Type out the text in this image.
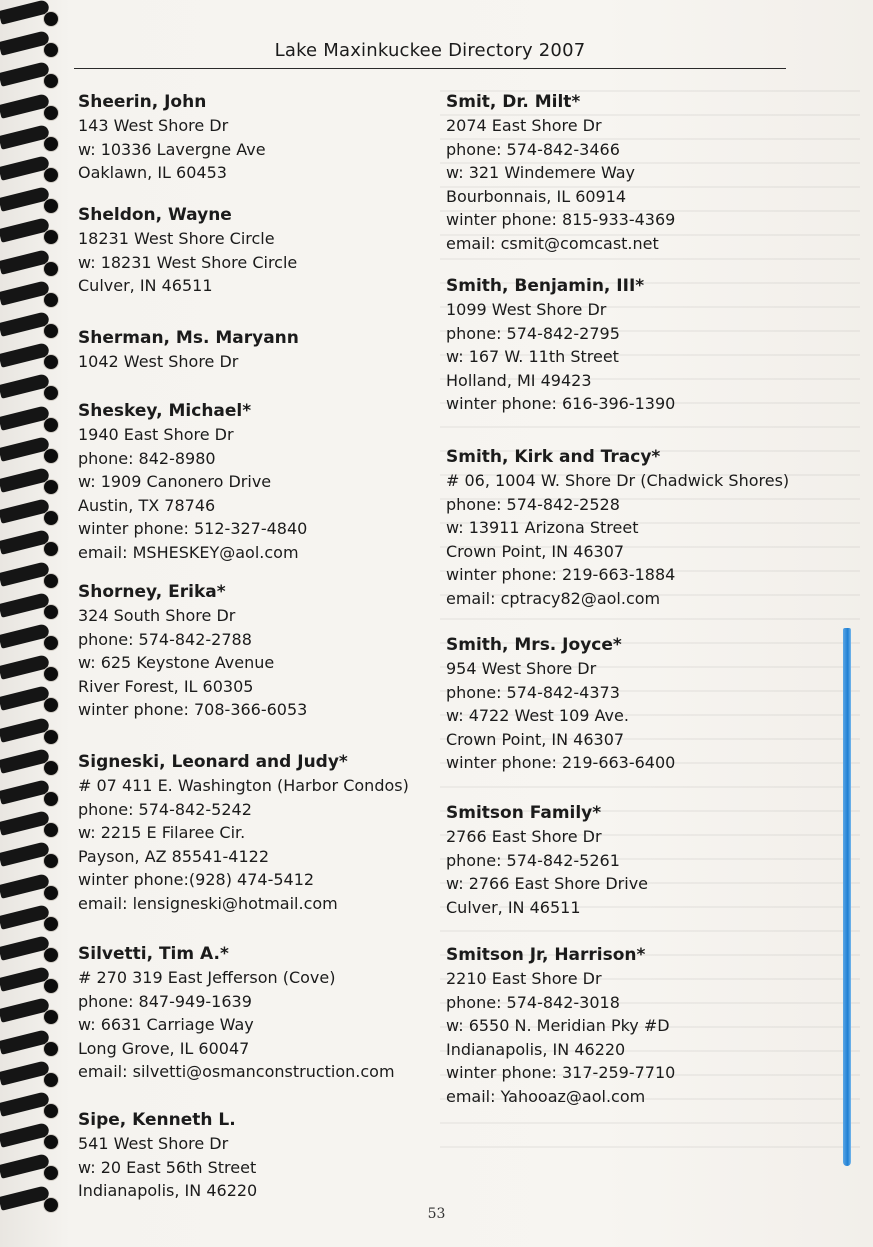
Lake Maxinkuckee Directory 2007
Sheerin, John
143 West Shore Dr
w: 10336 Lavergne Ave
Oaklawn, IL 60453
Sheldon, Wayne
18231 West Shore Circle
w: 18231 West Shore Circle
Culver, IN 46511
Sherman, Ms. Maryann
1042 West Shore Dr
Sheskey, Michael*
1940 East Shore Dr
phone: 842-8980
w: 1909 Canonero Drive
Austin, TX 78746
winter phone: 512-327-4840
email: MSHESKEY@aol.com
Shorney, Erika*
324 South Shore Dr
phone: 574-842-2788
w: 625 Keystone Avenue
River Forest, IL 60305
winter phone: 708-366-6053
Signeski, Leonard and Judy*
# 07 411 E. Washington (Harbor Condos)
phone: 574-842-5242
w: 2215 E Filaree Cir.
Payson, AZ 85541-4122
winter phone:(928) 474-5412
email: lensigneski@hotmail.com
Silvetti, Tim A.*
# 270 319 East Jefferson (Cove)
phone: 847-949-1639
w: 6631 Carriage Way
Long Grove, IL 60047
email: silvetti@osmanconstruction.com
Sipe, Kenneth L.
541 West Shore Dr
w: 20 East 56th Street
Indianapolis, IN 46220
Smit, Dr. Milt*
2074 East Shore Dr
phone: 574-842-3466
w: 321 Windemere Way
Bourbonnais, IL 60914
winter phone: 815-933-4369
email: csmit@comcast.net
Smith, Benjamin, III*
1099 West Shore Dr
phone: 574-842-2795
w: 167 W. 11th Street
Holland, MI 49423
winter phone: 616-396-1390
Smith, Kirk and Tracy*
# 06, 1004 W. Shore Dr (Chadwick Shores)
phone: 574-842-2528
w: 13911 Arizona Street
Crown Point, IN 46307
winter phone: 219-663-1884
email: cptracy82@aol.com
Smith, Mrs. Joyce*
954 West Shore Dr
phone: 574-842-4373
w: 4722 West 109 Ave.
Crown Point, IN 46307
winter phone: 219-663-6400
Smitson Family*
2766 East Shore Dr
phone: 574-842-5261
w: 2766 East Shore Drive
Culver, IN 46511
Smitson Jr, Harrison*
2210 East Shore Dr
phone: 574-842-3018
w: 6550 N. Meridian Pky #D
Indianapolis, IN 46220
winter phone: 317-259-7710
email: Yahooaz@aol.com
53
